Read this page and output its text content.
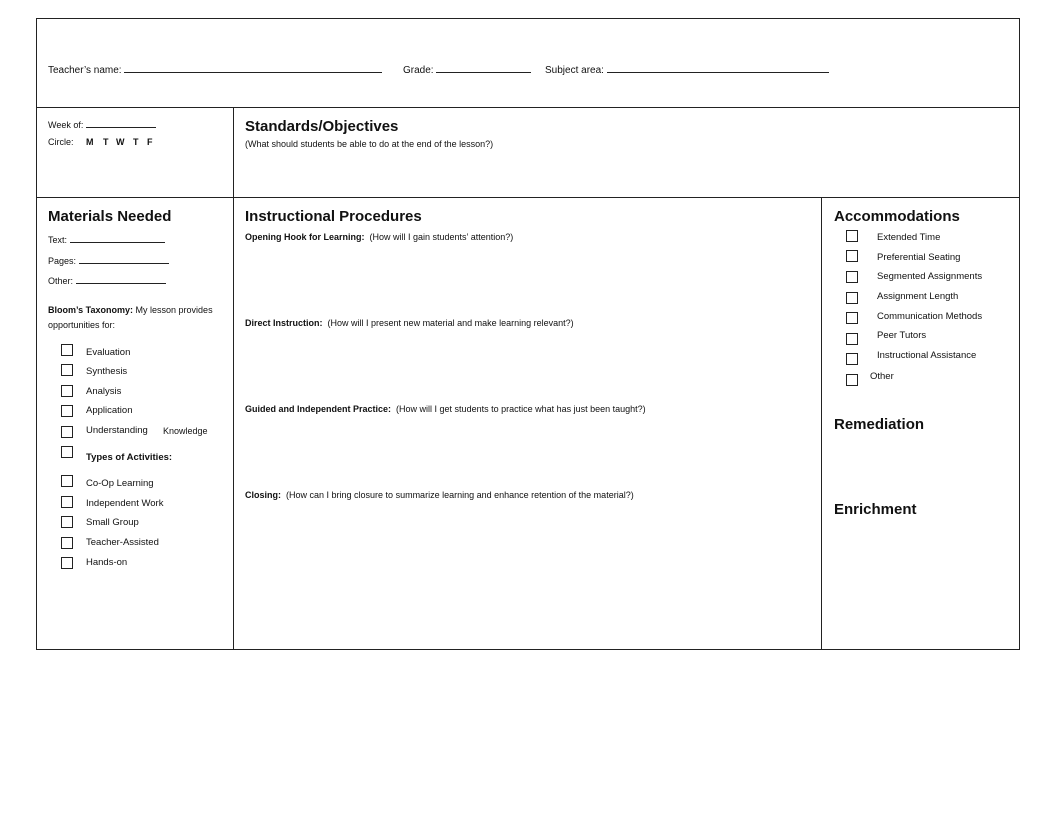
Teacher’s name:	Grade:	Subject area:
Week of:
Circle: M T W T F
Standards/Objectives
(What should students be able to do at the end of the lesson?)
Materials Needed
Text:
Pages:
Other:
Bloom’s Taxonomy: My lesson provides
opportunities for:
Evaluation
Synthesis
Analysis
Application
Understanding Knowledge
Types of Activities:
Co-Op Learning
Independent Work
Small Group
Teacher-Assisted
Hands-on
Instructional Procedures
Opening Hook for Learning: (How will I gain students’ attention?)
Direct Instruction: (How will I present new material and make learning relevant?)
Guided and Independent Practice: (How will I get students to practice what has just been taught?)
Closing: (How can I bring closure to summarize learning and enhance retention of the material?)
Accommodations
Extended Time
Preferential Seating
Segmented Assignments
Assignment Length
Communication Methods
Peer Tutors
Instructional Assistance
Other
Remediation
Enrichment
